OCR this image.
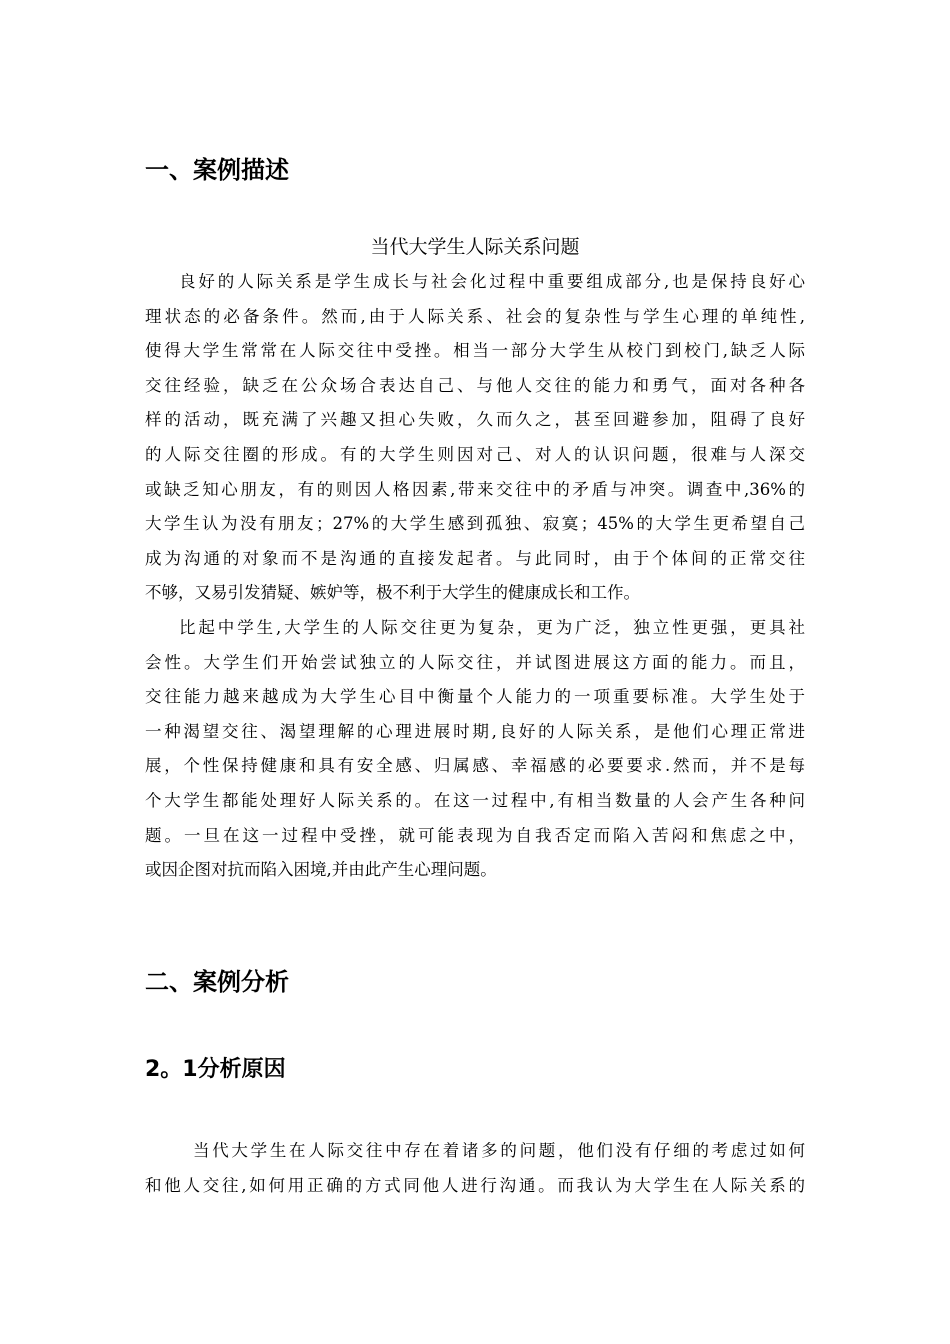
一、案例描述

当代大学生人际关系问题

良好的人际关系是学生成长与社会化过程中重要组成部分,也是保持良好心
理状态的必备条件。然而,由于人际关系、社会的复杂性与学生心理的单纯性,
使得大学生常常在人际交往中受挫。相当一部分大学生从校门到校门,缺乏人际
交往经验，缺乏在公众场合表达自己、与他人交往的能力和勇气，面对各种各
样的活动，既充满了兴趣又担心失败，久而久之，甚至回避参加，阻碍了良好
的人际交往圈的形成。有的大学生则因对己、对人的认识问题，很难与人深交
或缺乏知心朋友，有的则因人格因素,带来交往中的矛盾与冲突。调查中,36%的
大学生认为没有朋友；27%的大学生感到孤独、寂寞；45%的大学生更希望自己
成为沟通的对象而不是沟通的直接发起者。与此同时，由于个体间的正常交往
不够，又易引发猜疑、嫉妒等，极不利于大学生的健康成长和工作。
比起中学生,大学生的人际交往更为复杂，更为广泛，独立性更强，更具社
会性。大学生们开始尝试独立的人际交往，并试图进展这方面的能力。而且，
交往能力越来越成为大学生心目中衡量个人能力的一项重要标准。大学生处于
一种渴望交往、渴望理解的心理进展时期,良好的人际关系，是他们心理正常进
展，个性保持健康和具有安全感、归属感、幸福感的必要要求.然而，并不是每
个大学生都能处理好人际关系的。在这一过程中,有相当数量的人会产生各种问
题。一旦在这一过程中受挫，就可能表现为自我否定而陷入苦闷和焦虑之中，
或因企图对抗而陷入困境,并由此产生心理问题。
二、案例分析
2。1分析原因
当代大学生在人际交往中存在着诸多的问题，他们没有仔细的考虑过如何
和他人交往,如何用正确的方式同他人进行沟通。而我认为大学生在人际关系的
